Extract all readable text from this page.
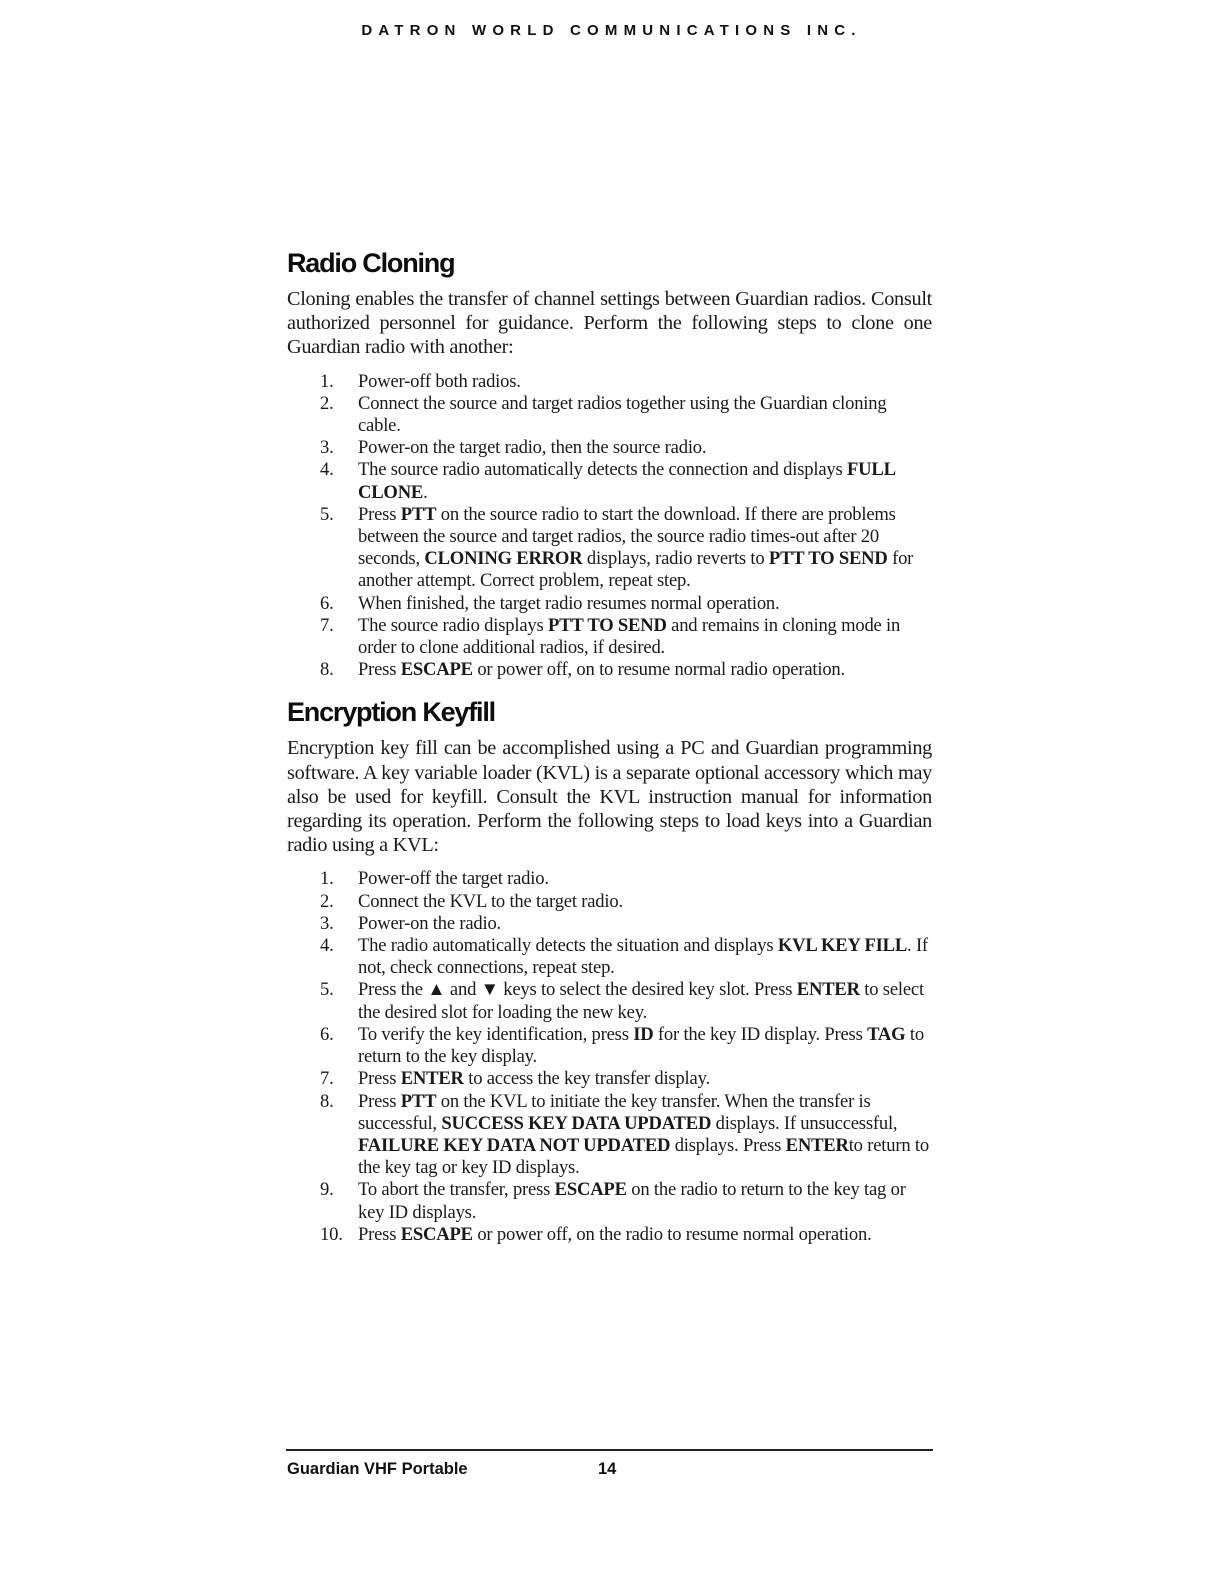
DATRON WORLD COMMUNICATIONS INC.
Radio Cloning

Cloning enables the transfer of channel settings between Guardian radios. Consult authorized personnel for guidance. Perform the following steps to clone one Guardian radio with another:

1.	Power-off both radios.
2.	Connect the source and target radios together using the Guardian cloning cable.
3.	Power-on the target radio, then the source radio.
4.	The source radio automatically detects the connection and displays FULL CLONE.
5.	Press PTT on the source radio to start the download. If there are problems between the source and target radios, the source radio times-out after 20 seconds, CLONING ERROR displays, radio reverts to PTT TO SEND for another attempt. Correct problem, repeat step.
6.	When finished, the target radio resumes normal operation.
7.	The source radio displays PTT TO SEND and remains in cloning mode in order to clone additional radios, if desired.
8.	Press ESCAPE or power off, on to resume normal radio operation.
Encryption Keyfill

Encryption key fill can be accomplished using a PC and Guardian programming software. A key variable loader (KVL) is a separate optional accessory which may also be used for keyfill. Consult the KVL instruction manual for information regarding its operation. Perform the following steps to load keys into a Guardian radio using a KVL:

1.	Power-off the target radio.
2.	Connect the KVL to the target radio.
3.	Power-on the radio.
4.	The radio automatically detects the situation and displays KVL KEY FILL. If not, check connections, repeat step.
5.	Press the ▲ and ▼ keys to select the desired key slot. Press ENTER to select the desired slot for loading the new key.
6.	To verify the key identification, press ID for the key ID display. Press TAG to return to the key display.
7.	Press ENTER to access the key transfer display.
8.	Press PTT on the KVL to initiate the key transfer. When the transfer is successful, SUCCESS KEY DATA UPDATED displays. If unsuccessful, FAILURE KEY DATA NOT UPDATED displays. Press ENTERto return to the key tag or key ID displays.
9.	To abort the transfer, press ESCAPE on the radio to return to the key tag or key ID displays.
10. Press ESCAPE or power off, on the radio to resume normal operation.
Guardian VHF Portable	14
